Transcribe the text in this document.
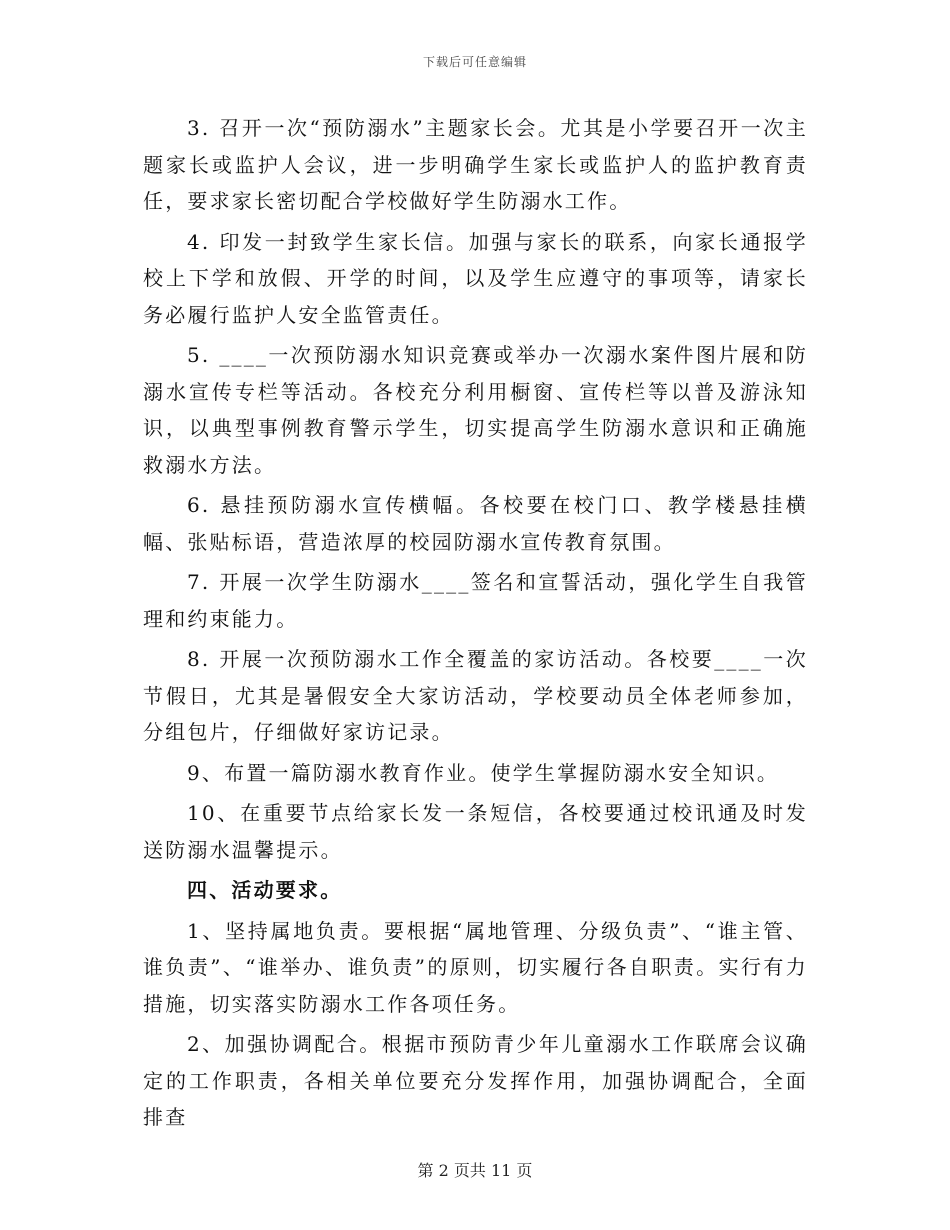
下载后可任意编辑

3. 召开一次“预防溺水”主题家长会。尤其是小学要召开一次主题家长或监护人会议，进一步明确学生家长或监护人的监护教育责任，要求家长密切配合学校做好学生防溺水工作。

4. 印发一封致学生家长信。加强与家长的联系，向家长通报学校上下学和放假、开学的时间，以及学生应遵守的事项等，请家长务必履行监护人安全监管责任。

5. ____一次预防溺水知识竞赛或举办一次溺水案件图片展和防溺水宣传专栏等活动。各校充分利用橱窗、宣传栏等以普及游泳知识，以典型事例教育警示学生，切实提高学生防溺水意识和正确施救溺水方法。

6. 悬挂预防溺水宣传横幅。各校要在校门口、教学楼悬挂横幅、张贴标语，营造浓厚的校园防溺水宣传教育氛围。

7. 开展一次学生防溺水____签名和宣誓活动，强化学生自我管理和约束能力。

8. 开展一次预防溺水工作全覆盖的家访活动。各校要____一次节假日，尤其是暑假安全大家访活动，学校要动员全体老师参加，分组包片，仔细做好家访记录。

9、布置一篇防溺水教育作业。使学生掌握防溺水安全知识。

10、在重要节点给家长发一条短信，各校要通过校讯通及时发送防溺水温馨提示。

四、活动要求。

1、坚持属地负责。要根据“属地管理、分级负责”、“谁主管、谁负责”、“谁举办、谁负责”的原则，切实履行各自职责。实行有力措施，切实落实防溺水工作各项任务。

2、加强协调配合。根据市预防青少年儿童溺水工作联席会议确定的工作职责，各相关单位要充分发挥作用，加强协调配合，全面排查

第 2 页共 11 页
